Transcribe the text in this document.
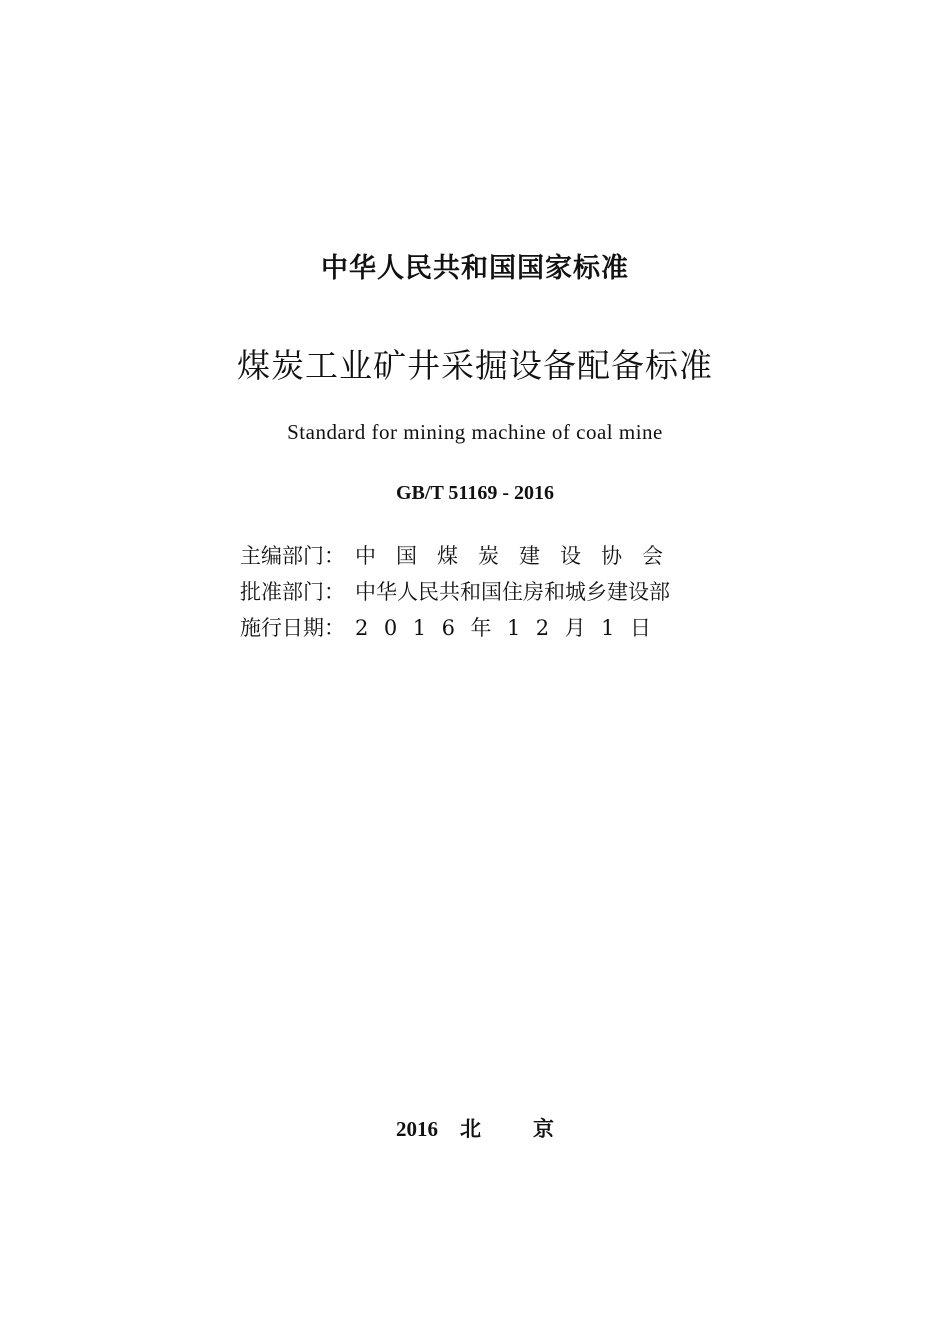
中华人民共和国国家标准
煤炭工业矿井采掘设备配备标准
Standard for mining machine of coal mine
GB/T 51169 - 2016
主编部门： 中国煤炭建设协会
批准部门： 中华人民共和国住房和城乡建设部
施行日期： 2016年12月1日
2016 北京
